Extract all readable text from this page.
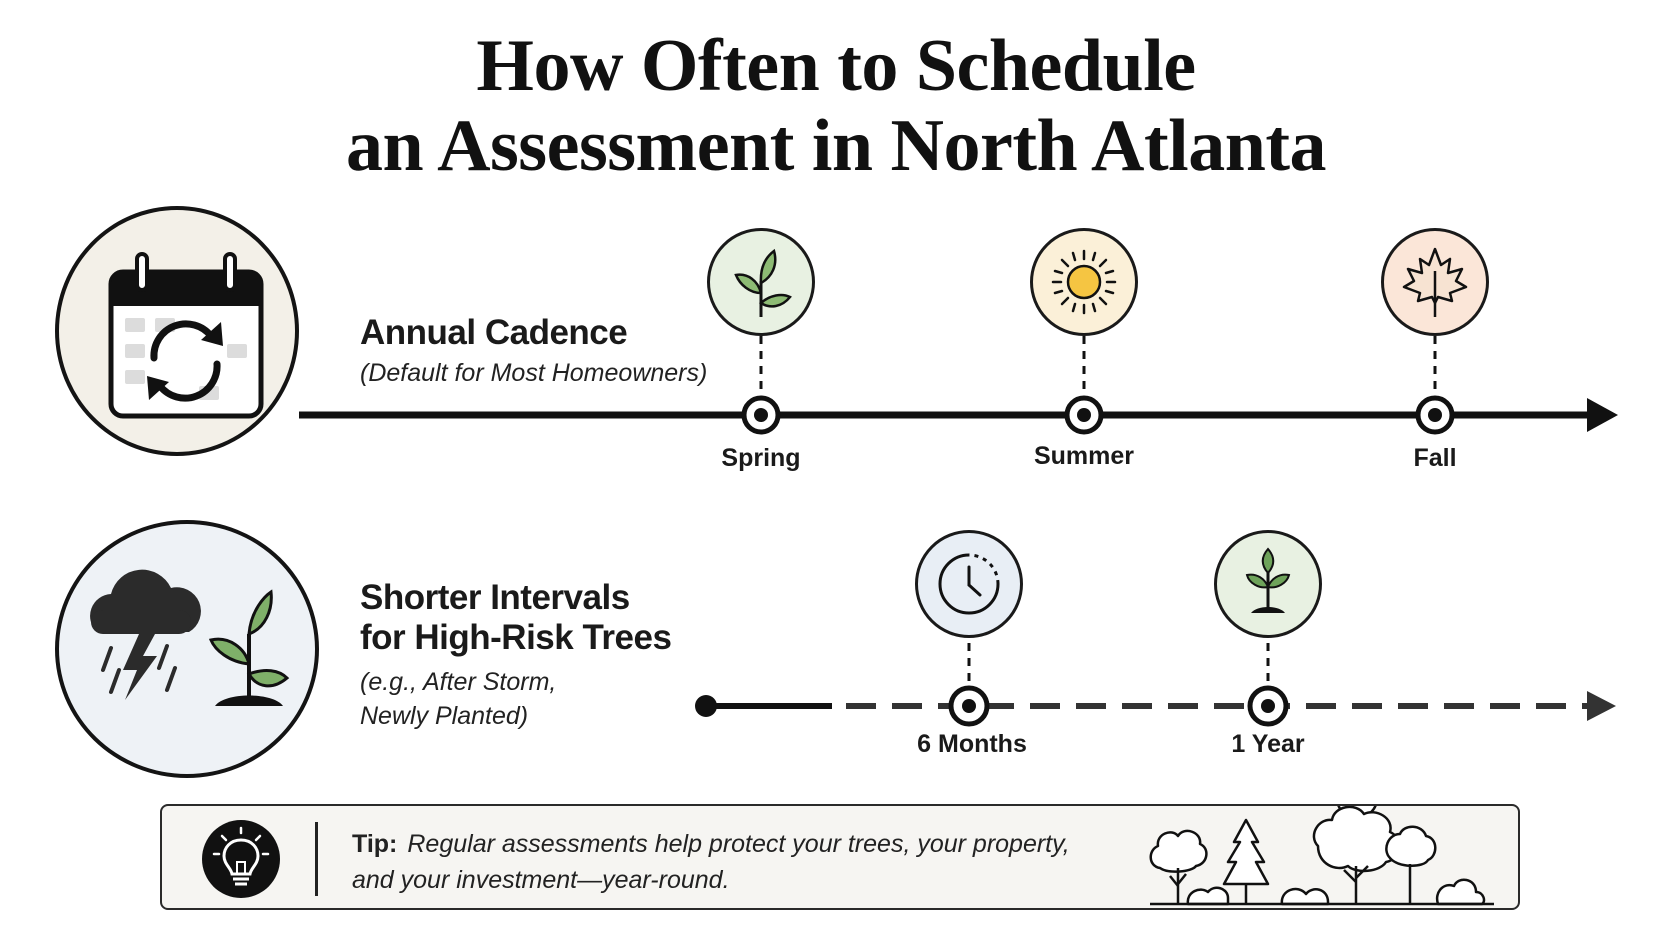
How Often to Schedule
an Assessment in North Atlanta
Annual Cadence
(Default for Most Homeowners)
Shorter Intervals
for High-Risk Trees
(e.g., After Storm,
Newly Planted)
Spring	Summer	Fall
6 Months	1 Year
Tip: Regular assessments help protect your trees, your property,
and your investment—year-round.
